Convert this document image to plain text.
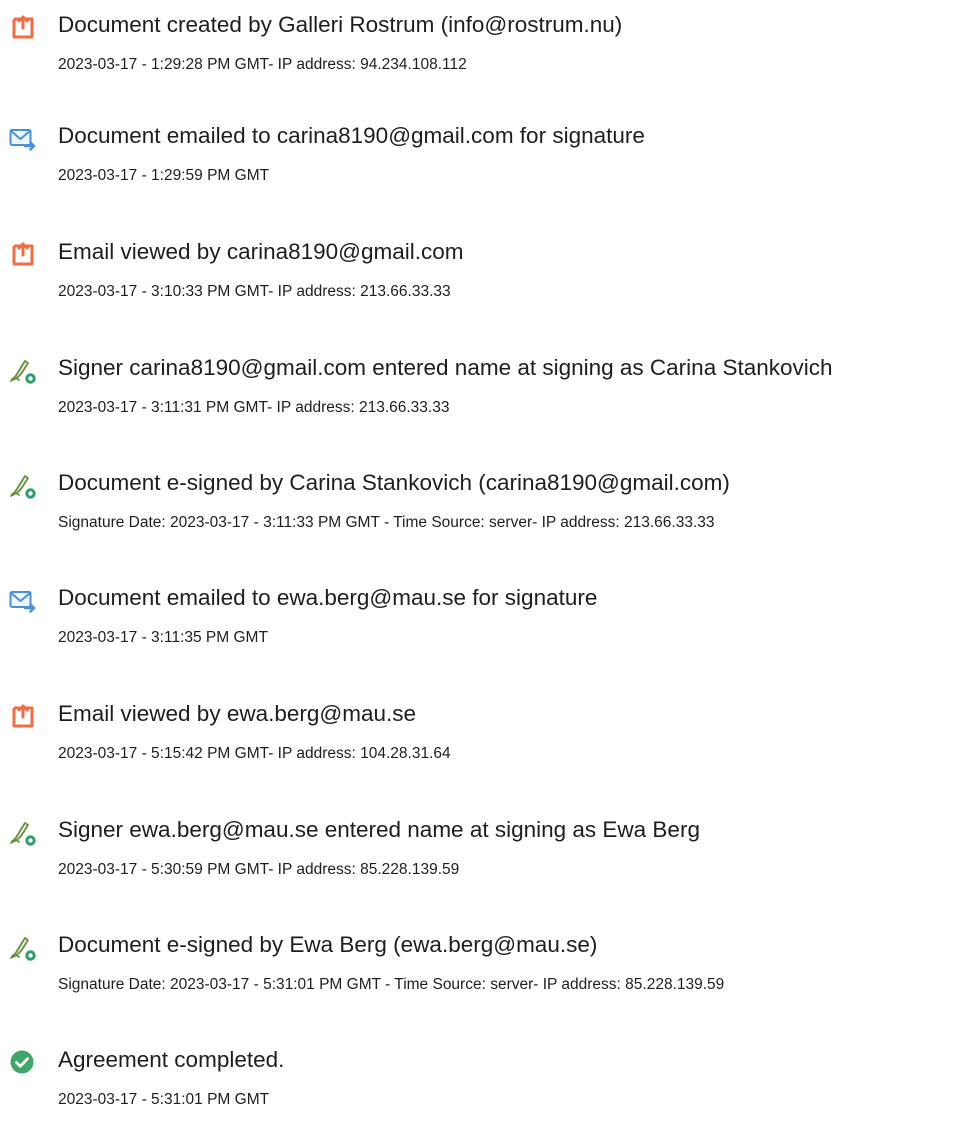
Document created by Galleri Rostrum (info@rostrum.nu)
2023-03-17 - 1:29:28 PM GMT- IP address: 94.234.108.112
Document emailed to carina8190@gmail.com for signature
2023-03-17 - 1:29:59 PM GMT
Email viewed by carina8190@gmail.com
2023-03-17 - 3:10:33 PM GMT- IP address: 213.66.33.33
Signer carina8190@gmail.com entered name at signing as Carina Stankovich
2023-03-17 - 3:11:31 PM GMT- IP address: 213.66.33.33
Document e-signed by Carina Stankovich (carina8190@gmail.com)
Signature Date: 2023-03-17 - 3:11:33 PM GMT - Time Source: server- IP address: 213.66.33.33
Document emailed to ewa.berg@mau.se for signature
2023-03-17 - 3:11:35 PM GMT
Email viewed by ewa.berg@mau.se
2023-03-17 - 5:15:42 PM GMT- IP address: 104.28.31.64
Signer ewa.berg@mau.se entered name at signing as Ewa Berg
2023-03-17 - 5:30:59 PM GMT- IP address: 85.228.139.59
Document e-signed by Ewa Berg (ewa.berg@mau.se)
Signature Date: 2023-03-17 - 5:31:01 PM GMT - Time Source: server- IP address: 85.228.139.59
Agreement completed.
2023-03-17 - 5:31:01 PM GMT
